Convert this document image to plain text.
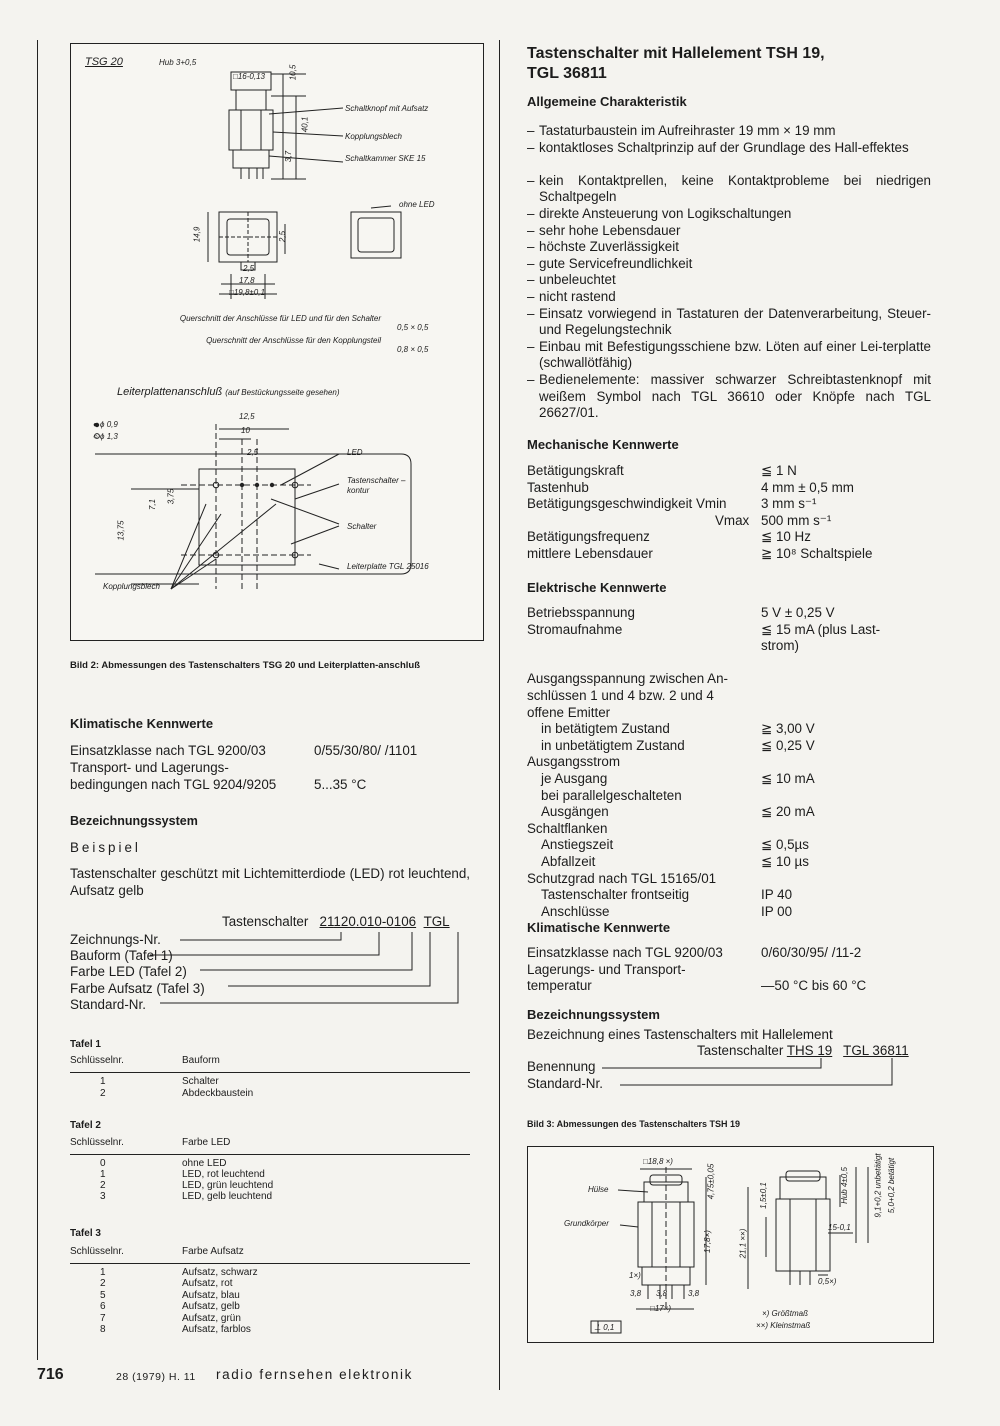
TSG 20	Hub 3+0,5
□16-0,13	10,5
40,1
3,7
Schaltknopf mit Aufsatz
Kopplungsblech
Schaltkammer SKE 15
14,9	2,5
2,5
17,8
□19,8±0,1
ohne LED
Querschnitt der Anschlüsse für LED und für den Schalter
0,5 × 0,5
Querschnitt der Anschlüsse für den Kopplungsteil
0,8 × 0,5
Leiterplattenanschluß (auf Bestückungsseite gesehen)
● ϕ 0,9
○ ϕ 1,3
12,5
10
2,5
3,75
7,1
13,75
LED
Tastenschalter – kontur
Schalter
Leiterplatte TGL 25016
Kopplungsblech
Bild 2: Abmessungen des Tastenschalters TSG 20 und Leiterplatten-anschluß
Klimatische Kennwerte
Einsatzklasse nach TGL 9200/03	0/55/30/80/ /1101
Transport- und Lagerungs-
bedingungen nach TGL 9204/9205	5...35 °C
Bezeichnungssystem
Beispiel
Tastenschalter geschützt mit Lichtemitterdiode (LED) rot leuchtend, Aufsatz gelb
Tastenschalter 21120.010-0106 TGL
Zeichnungs-Nr.
Bauform (Tafel 1)
Farbe LED (Tafel 2)
Farbe Aufsatz (Tafel 3)
Standard-Nr.
Tafel 1
Schlüsselnr.	Bauform
1	Schalter
2	Abdeckbaustein
Tafel 2
Schlüsselnr.	Farbe LED
0	ohne LED
1	LED, rot leuchtend
2	LED, grün leuchtend
3	LED, gelb leuchtend
Tafel 3
Schlüsselnr.	Farbe Aufsatz
1	Aufsatz, schwarz
2	Aufsatz, rot
5	Aufsatz, blau
6	Aufsatz, gelb
7	Aufsatz, grün
8	Aufsatz, farblos
Tastenschalter mit Hallelement TSH 19,
TGL 36811
Allgemeine Charakteristik
– Tastaturbaustein im Aufreihraster 19 mm × 19 mm
– kontaktloses Schaltprinzip auf der Grundlage des Hall-effektes
– kein Kontaktprellen, keine Kontaktprobleme bei niedrigen Schaltpegeln
– direkte Ansteuerung von Logikschaltungen
– sehr hohe Lebensdauer
– höchste Zuverlässigkeit
– gute Servicefreundlichkeit
– unbeleuchtet
– nicht rastend
– Einsatz vorwiegend in Tastaturen der Datenverarbeitung, Steuer- und Regelungstechnik
– Einbau mit Befestigungsschiene bzw. Löten auf einer Lei-terplatte (schwallötfähig)
– Bedienelemente: massiver schwarzer Schreibtastenknopf mit weißem Symbol nach TGL 36610 oder Knöpfe nach TGL 26627/01.
Mechanische Kennwerte
Betätigungskraft	≦ 1 N
Tastenhub	4 mm ± 0,5 mm
Betätigungsgeschwindigkeit Vmin	3 mm s⁻¹
Vmax 500 mm s⁻¹
Betätigungsfrequenz	≦ 10 Hz
mittlere Lebensdauer	≧ 10⁸ Schaltspiele
Elektrische Kennwerte
Betriebsspannung	5 V ± 0,25 V
Stromaufnahme	≦ 15 mA (plus Last-
strom)
Ausgangsspannung zwischen An-
schlüssen 1 und 4 bzw. 2 und 4
offene Emitter
in betätigtem Zustand	≧ 3,00 V
in unbetätigtem Zustand	≦ 0,25 V
Ausgangsstrom
je Ausgang	≦ 10 mA
bei parallelgeschalteten
Ausgängen	≦ 20 mA
Schaltflanken
Anstiegszeit	≦ 0,5µs
Abfallzeit	≦ 10 µs
Schutzgrad nach TGL 15165/01
Tastenschalter frontseitig	IP 40
Anschlüsse	IP 00
Klimatische Kennwerte
Einsatzklasse nach TGL 9200/03	0/60/30/95/ /11-2
Lagerungs- und Transport-
temperatur	—50 °C bis 60 °C
Bezeichnungssystem
Bezeichnung eines Tastenschalters mit Hallelement
Tastenschalter THS 19 TGL 36811
Benennung
Standard-Nr.
Bild 3: Abmessungen des Tastenschalters TSH 19
□18,8 ×)
4,75±0,05
Hülse
Grundkörper
17,8×)
1×)
3,8 3,8	3,8
□17×)
⊥ 0,1
21,1 ××)
1,5±0,1	Hub 4±0,5
15-0,1
0,5×)
9,1+0,2 unbetätigt 5,0+0,2 betätigt
×) Größtmaß
××) Kleinstmaß
716	28 (1979) H. 11 radio fernsehen elektronik
